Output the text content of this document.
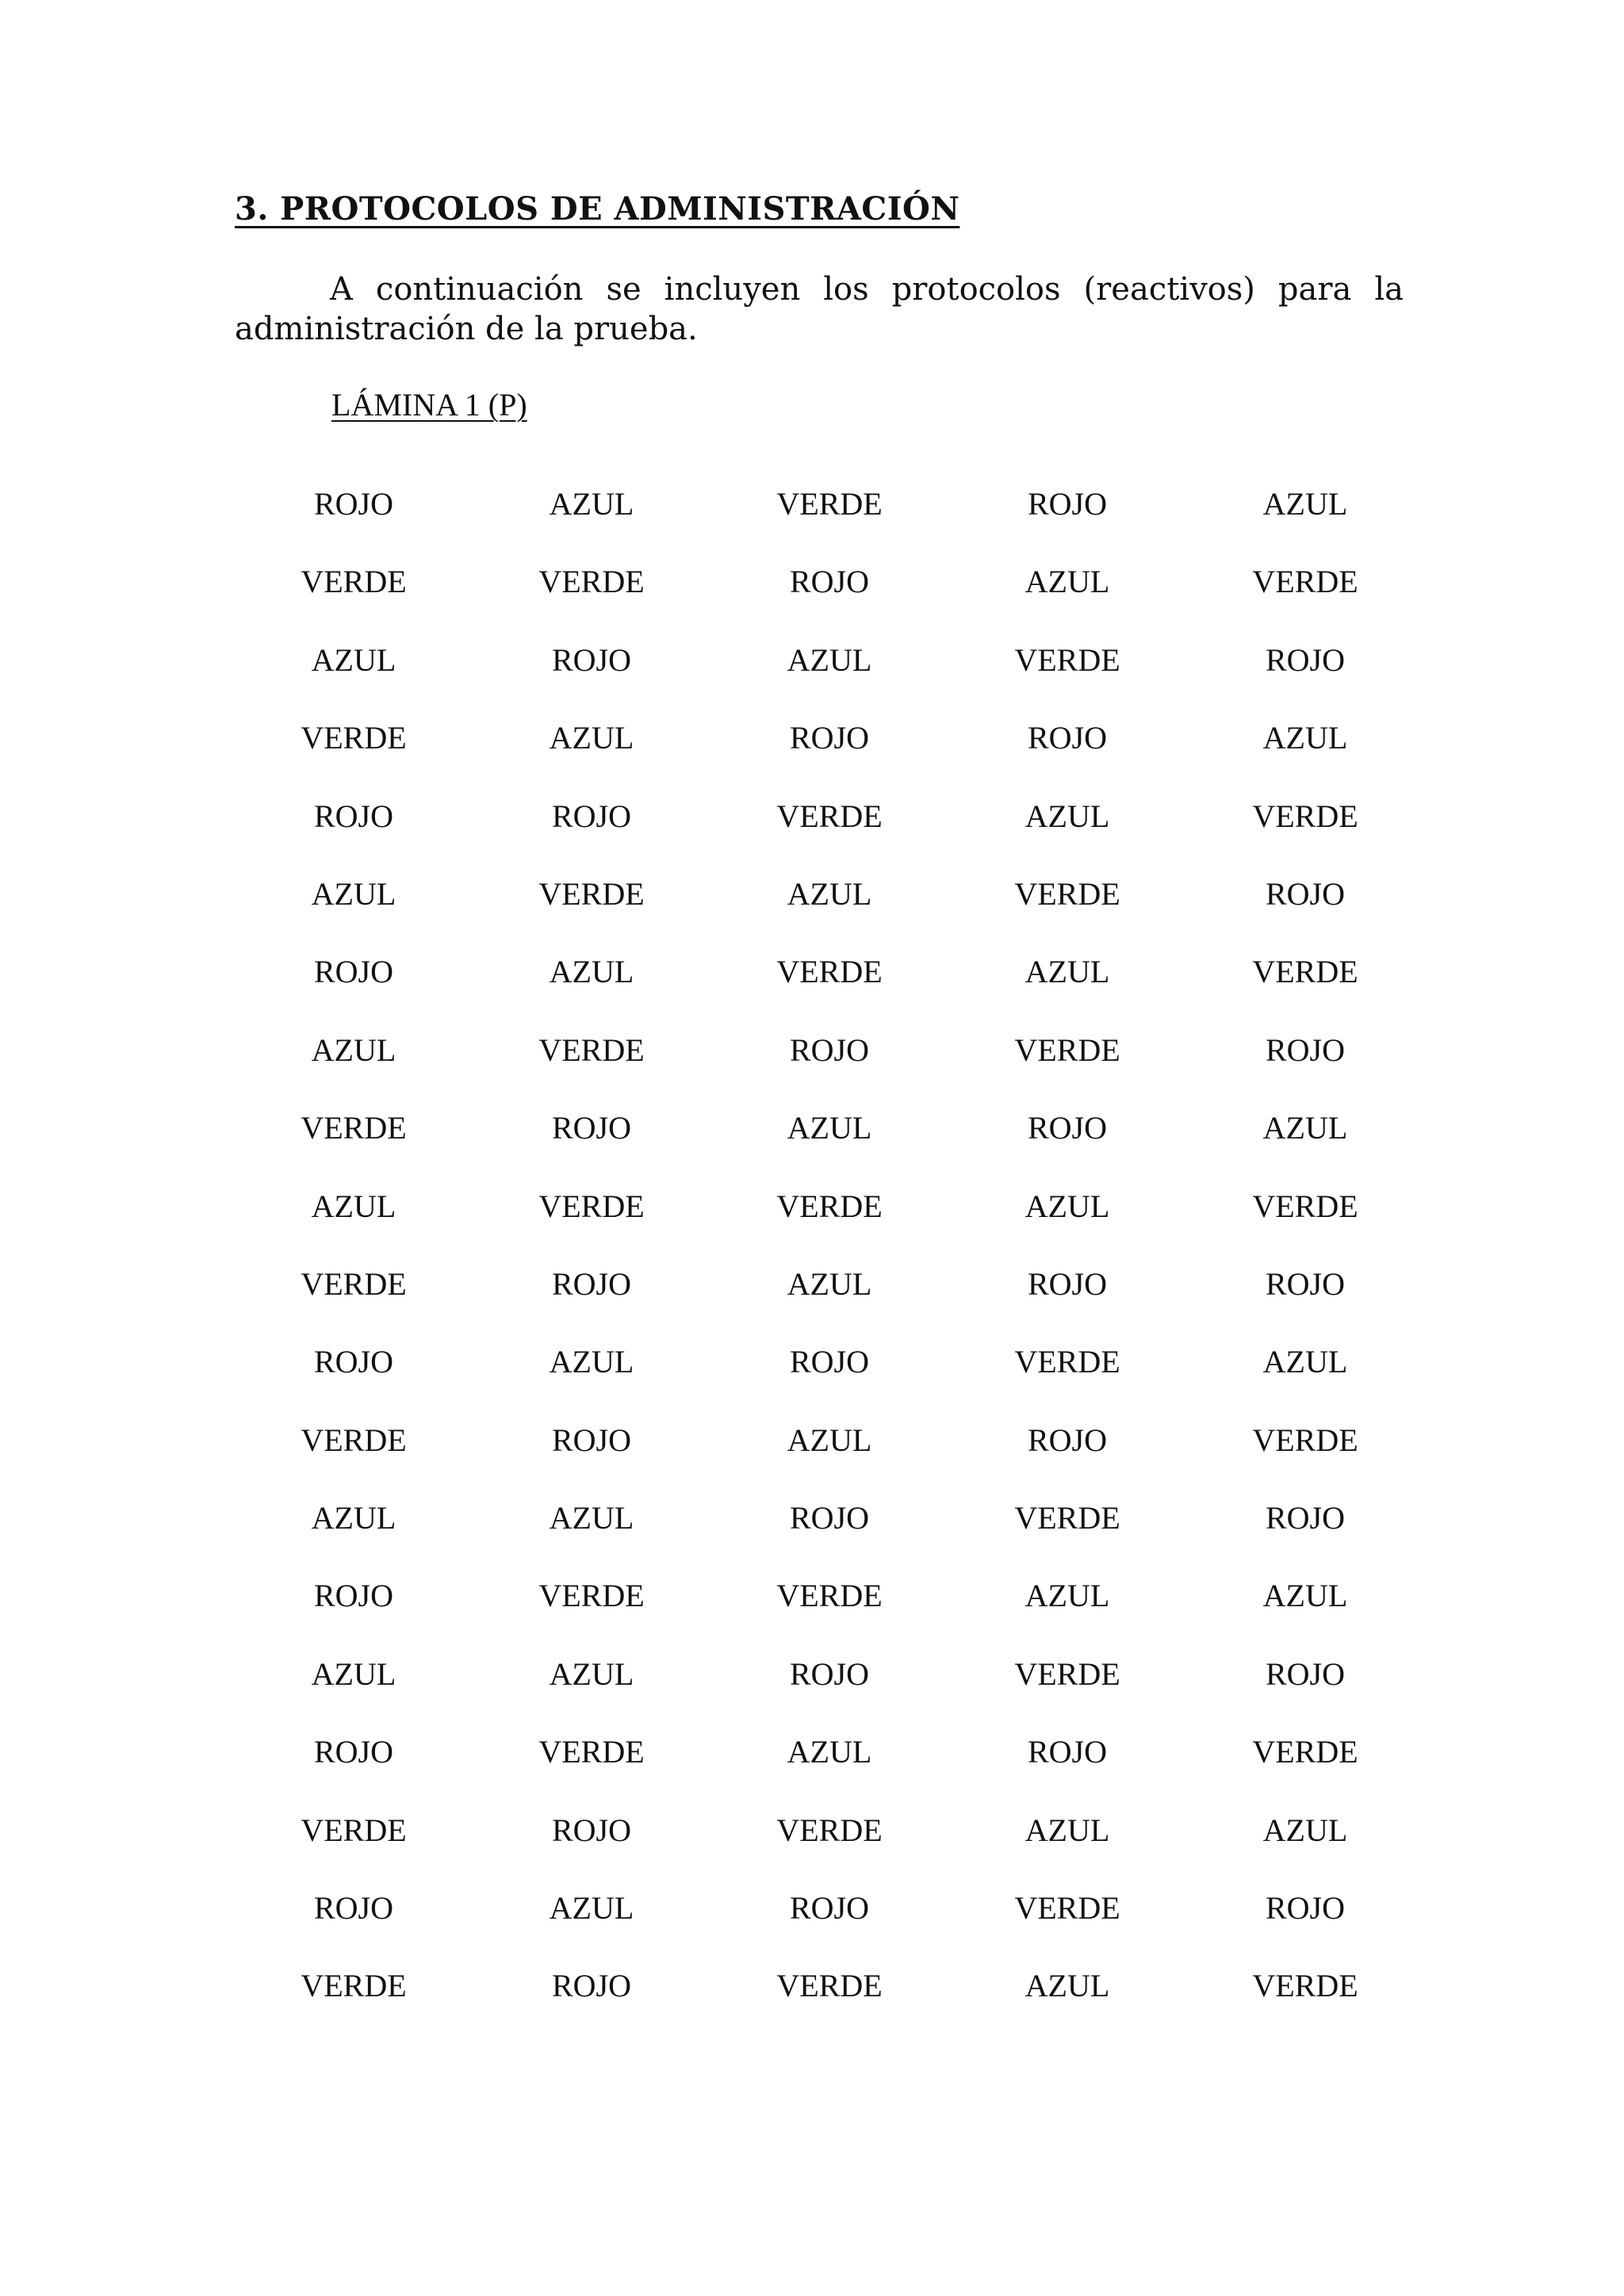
3. PROTOCOLOS DE ADMINISTRACIÓN

A continuación se incluyen los protocolos (reactivos) para la administración de la prueba.

LÁMINA 1 (P)

ROJO	AZUL	VERDE	ROJO	AZUL
VERDE	VERDE	ROJO	AZUL	VERDE
AZUL	ROJO	AZUL	VERDE	ROJO
VERDE	AZUL	ROJO	ROJO	AZUL
ROJO	ROJO	VERDE	AZUL	VERDE
AZUL	VERDE	AZUL	VERDE	ROJO
ROJO	AZUL	VERDE	AZUL	VERDE
AZUL	VERDE	ROJO	VERDE	ROJO
VERDE	ROJO	AZUL	ROJO	AZUL
AZUL	VERDE	VERDE	AZUL	VERDE
VERDE	ROJO	AZUL	ROJO	ROJO
ROJO	AZUL	ROJO	VERDE	AZUL
VERDE	ROJO	AZUL	ROJO	VERDE
AZUL	AZUL	ROJO	VERDE	ROJO
ROJO	VERDE	VERDE	AZUL	AZUL
AZUL	AZUL	ROJO	VERDE	ROJO
ROJO	VERDE	AZUL	ROJO	VERDE
VERDE	ROJO	VERDE	AZUL	AZUL
ROJO	AZUL	ROJO	VERDE	ROJO
VERDE	ROJO	VERDE	AZUL	VERDE
